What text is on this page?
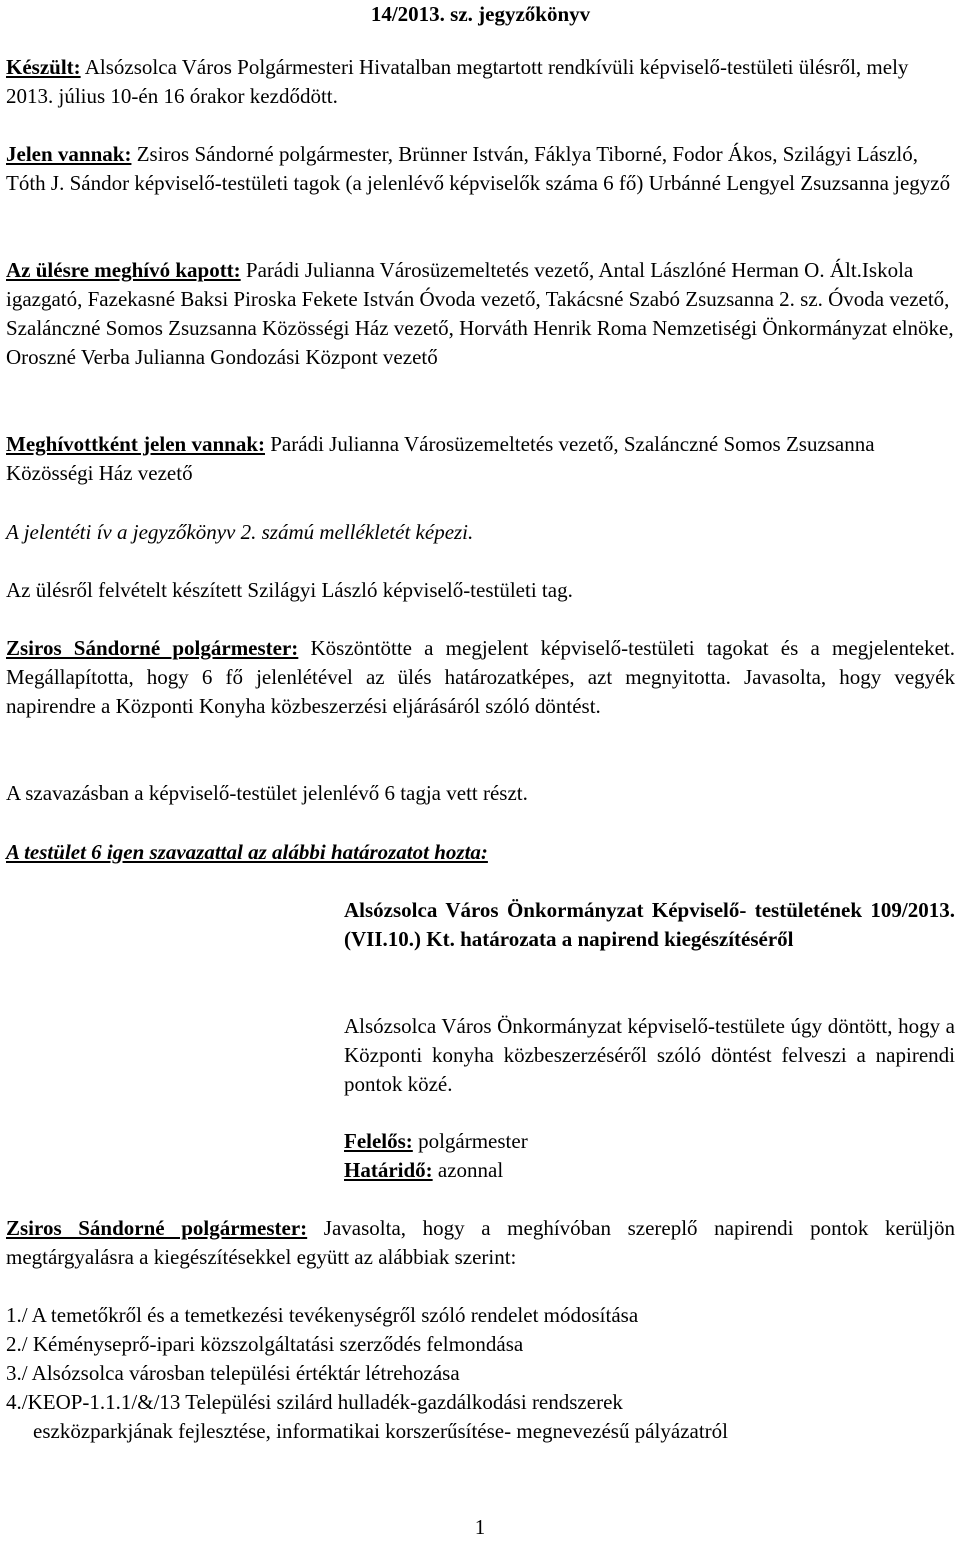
14/2013. sz. jegyzőkönyv

Készült: Alsózsolca Város Polgármesteri Hivatalban megtartott rendkívüli képviselő-testületi ülésről, mely 2013. július 10-én 16 órakor kezdődött.

Jelen vannak: Zsiros Sándorné polgármester, Brünner István, Fáklya Tiborné, Fodor Ákos, Szilágyi László, Tóth J. Sándor képviselő-testületi tagok (a jelenlévő képviselők száma 6 fő) Urbánné Lengyel Zsuzsanna jegyző

Az ülésre meghívó kapott: Parádi Julianna Városüzemeltetés vezető, Antal Lászlóné Herman O. Ált.Iskola igazgató, Fazekasné Baksi Piroska Fekete István Óvoda vezető, Takácsné Szabó Zsuzsanna 2. sz. Óvoda vezető, Szalánczné Somos Zsuzsanna Közösségi Ház vezető, Horváth Henrik Roma Nemzetiségi Önkormányzat elnöke, Oroszné Verba Julianna Gondozási Központ vezető

Meghívottként jelen vannak: Parádi Julianna Városüzemeltetés vezető, Szalánczné Somos Zsuzsanna Közösségi Ház vezető

A jelentéti ív a jegyzőkönyv 2. számú mellékletét képezi.

Az ülésről felvételt készített Szilágyi László képviselő-testületi tag.

Zsiros Sándorné polgármester: Köszöntötte a megjelent képviselő-testületi tagokat és a megjelenteket. Megállapította, hogy 6 fő jelenlétével az ülés határozatképes, azt megnyitotta. Javasolta, hogy vegyék napirendre a Központi Konyha közbeszerzési eljárásáról szóló döntést.

A szavazásban a képviselő-testület jelenlévő 6 tagja vett részt.

A testület 6 igen szavazattal az alábbi határozatot hozta:

Alsózsolca Város Önkormányzat Képviselő- testületének 109/2013.(VII.10.) Kt. határozata a napirend kiegészítéséről

Alsózsolca Város Önkormányzat képviselő-testülete úgy döntött, hogy a Központi konyha közbeszerzéséről szóló döntést felveszi a napirendi pontok közé.

Felelős: polgármester

Határidő: azonnal

Zsiros Sándorné polgármester: Javasolta, hogy a meghívóban szereplő napirendi pontok kerüljön megtárgyalásra a kiegészítésekkel együtt az alábbiak szerint:

1./ A temetőkről és a temetkezési tevékenységről szóló rendelet módosítása

2./ Kéményseprő-ipari közszolgáltatási szerződés felmondása

3./ Alsózsolca városban települési értéktár létrehozása

4./KEOP-1.1.1/&/13 Települési szilárd hulladék-gazdálkodási rendszerek

eszközparkjának fejlesztése, informatikai korszerűsítése- megnevezésű pályázatról

1
